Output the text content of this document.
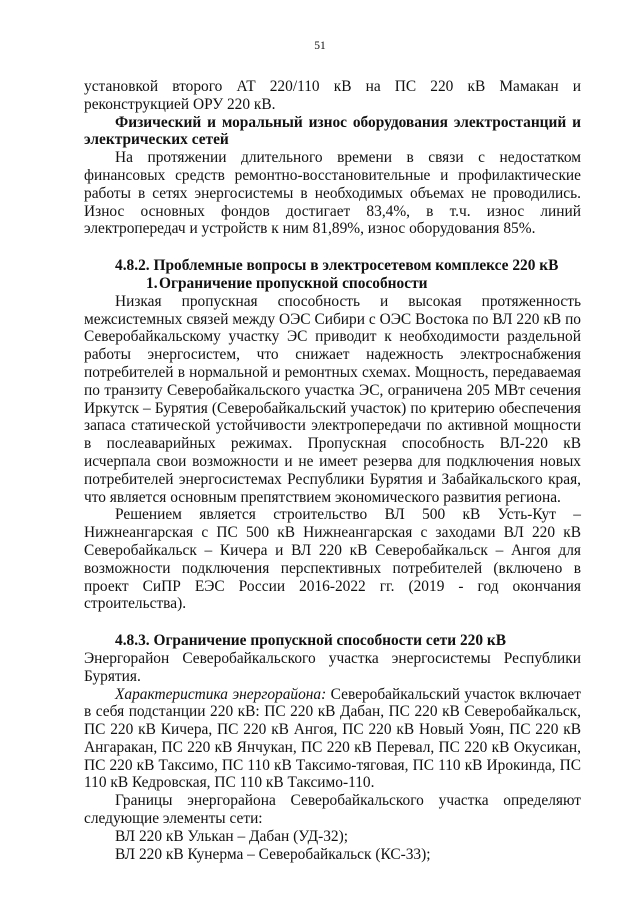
51

установкой второго АТ 220/110 кВ на ПС 220 кВ Мамакан и реконструкцией ОРУ 220 кВ.

Физический и моральный износ оборудования электростанций и электрических сетей

На протяжении длительного времени в связи с недостатком финансовых средств ремонтно-восстановительные и профилактические работы в сетях энергосистемы в необходимых объемах не проводились. Износ основных фондов достигает 83,4%, в т.ч. износ линий электропередач и устройств к ним 81,89%, износ оборудования 85%.

4.8.2. Проблемные вопросы в электросетевом комплексе 220 кВ

1.Ограничение пропускной способности

Низкая пропускная способность и высокая протяженность межсистемных связей между ОЭС Сибири с ОЭС Востока по ВЛ 220 кВ по Северобайкальскому участку ЭС приводит к необходимости раздельной работы энергосистем, что снижает надежность электроснабжения потребителей в нормальной и ремонтных схемах. Мощность, передаваемая по транзиту Северобайкальского участка ЭС, ограничена 205 МВт сечения Иркутск – Бурятия (Северобайкальский участок) по критерию обеспечения запаса статической устойчивости электропередачи по активной мощности в послеаварийных режимах. Пропускная способность ВЛ-220 кВ исчерпала свои возможности и не имеет резерва для подключения новых потребителей энергосистемах Республики Бурятия и Забайкальского края, что является основным препятствием экономического развития региона.

Решением является строительство ВЛ 500 кВ Усть-Кут – Нижнеангарская с ПС 500 кВ Нижнеангарская с заходами ВЛ 220 кВ Северобайкальск – Кичера и ВЛ 220 кВ Северобайкальск – Ангоя для возможности подключения перспективных потребителей (включено в проект СиПР ЕЭС России 2016-2022 гг. (2019 - год окончания строительства).

4.8.3. Ограничение пропускной способности сети 220 кВ

Энергорайон Северобайкальского участка энергосистемы Республики Бурятия.

Характеристика энергорайона: Северобайкальский участок включает в себя подстанции 220 кВ: ПС 220 кВ Дабан, ПС 220 кВ Северобайкальск, ПС 220 кВ Кичера, ПС 220 кВ Ангоя, ПС 220 кВ Новый Уоян, ПС 220 кВ Ангаракан, ПС 220 кВ Янчукан, ПС 220 кВ Перевал, ПС 220 кВ Окусикан, ПС 220 кВ Таксимо, ПС 110 кВ Таксимо-тяговая, ПС 110 кВ Ирокинда, ПС 110 кВ Кедровская, ПС 110 кВ Таксимо-110.

Границы энергорайона Северобайкальского участка определяют следующие элементы сети:

ВЛ 220 кВ Улькан – Дабан (УД-32);

ВЛ 220 кВ Кунерма – Северобайкальск (КС-33);
